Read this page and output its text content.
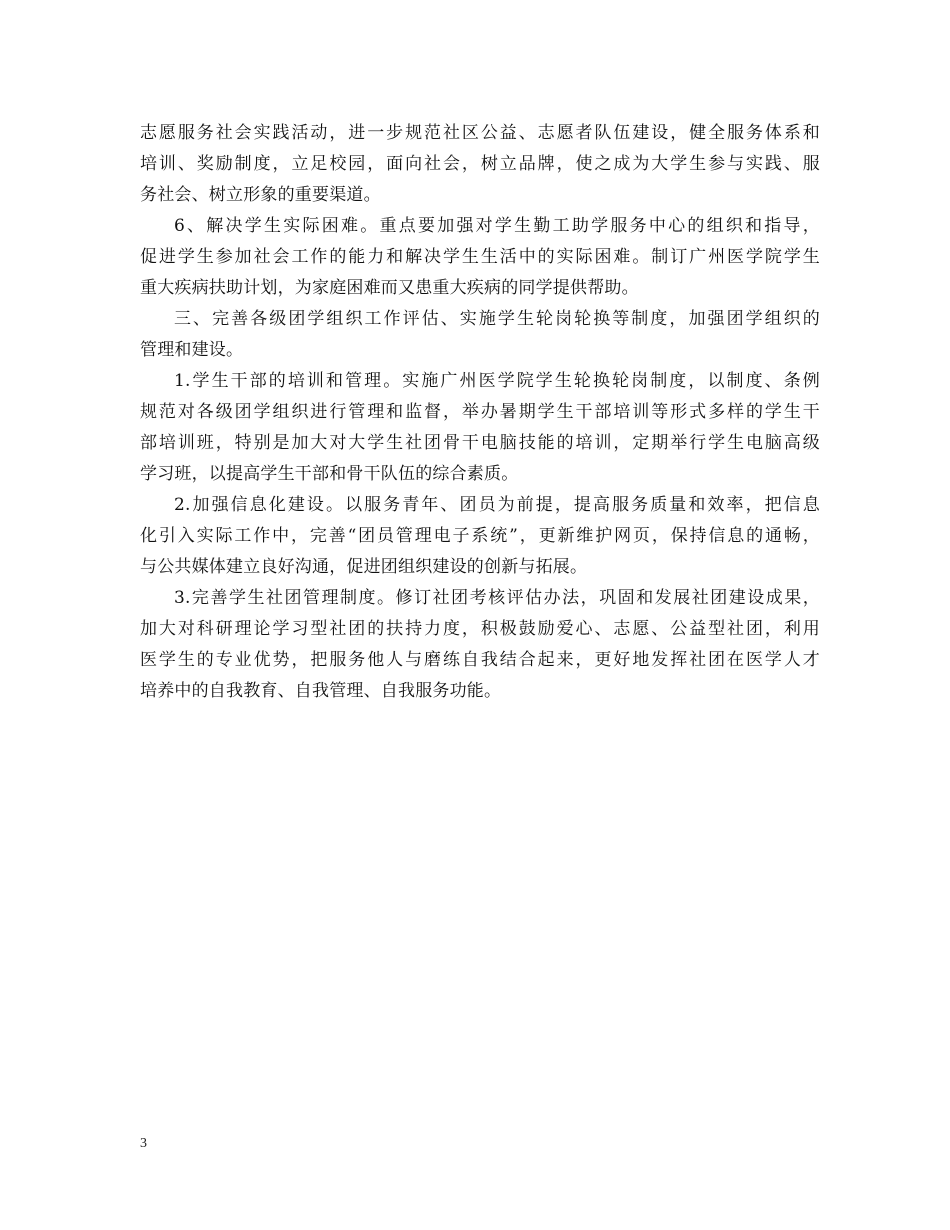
志愿服务社会实践活动，进一步规范社区公益、志愿者队伍建设，健全服务体系和
培训、奖励制度，立足校园，面向社会，树立品牌，使之成为大学生参与实践、服
务社会、树立形象的重要渠道。
6、解决学生实际困难。重点要加强对学生勤工助学服务中心的组织和指导，
促进学生参加社会工作的能力和解决学生生活中的实际困难。制订广州医学院学生
重大疾病扶助计划，为家庭困难而又患重大疾病的同学提供帮助。
三、完善各级团学组织工作评估、实施学生轮岗轮换等制度，加强团学组织的
管理和建设。
1.学生干部的培训和管理。实施广州医学院学生轮换轮岗制度，以制度、条例
规范对各级团学组织进行管理和监督，举办暑期学生干部培训等形式多样的学生干
部培训班，特别是加大对大学生社团骨干电脑技能的培训，定期举行学生电脑高级
学习班，以提高学生干部和骨干队伍的综合素质。
2.加强信息化建设。以服务青年、团员为前提，提高服务质量和效率，把信息
化引入实际工作中，完善“团员管理电子系统”，更新维护网页，保持信息的通畅，
与公共媒体建立良好沟通，促进团组织建设的创新与拓展。
3.完善学生社团管理制度。修订社团考核评估办法，巩固和发展社团建设成果，
加大对科研理论学习型社团的扶持力度，积极鼓励爱心、志愿、公益型社团，利用
医学生的专业优势，把服务他人与磨练自我结合起来，更好地发挥社团在医学人才
培养中的自我教育、自我管理、自我服务功能。
3
